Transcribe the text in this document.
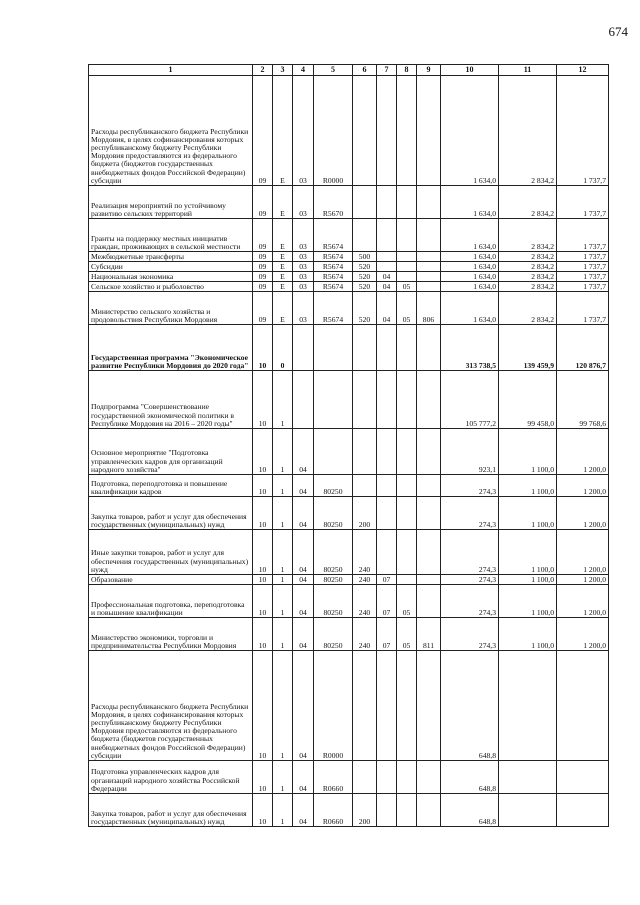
674
1	2	3	4	5	6	7	8	9	10	11	12
Расходы республиканского бюджета Республики Мордовия, в целях софинансирования которых республиканскому бюджету Республики Мордовия предоставляются из федерального бюджета (бюджетов государственных внебюджетных фондов Российской Федерации) субсидии	09	Е	03	R0000					1 634,0	2 834,2	1 737,7
Реализация мероприятий по устойчивому развитию сельских территорий	09	Е	03	R5670					1 634,0	2 834,2	1 737,7
Гранты на поддержку местных инициатив граждан, проживающих в сельской местности	09	Е	03	R5674					1 634,0	2 834,2	1 737,7
Межбюджетные трансферты	09	Е	03	R5674	500				1 634,0	2 834,2	1 737,7
Субсидии	09	Е	03	R5674	520				1 634,0	2 834,2	1 737,7
Национальная экономика	09	Е	03	R5674	520	04			1 634,0	2 834,2	1 737,7
Сельское хозяйство и рыболовство	09	Е	03	R5674	520	04	05		1 634,0	2 834,2	1 737,7
Министерство сельского хозяйства и продовольствия Республики Мордовия	09	Е	03	R5674	520	04	05	806	1 634,0	2 834,2	1 737,7
Государственная программа "Экономическое развитие Республики Мордовия до 2020 года"	10	0							313 738,5	139 459,9	120 876,7
Подпрограмма "Совершенствование государственной экономической политики в Республике Мордовия на 2016 – 2020 годы"	10	1							105 777,2	99 458,0	99 768,6
Основное мероприятие "Подготовка управленческих кадров для организаций народного хозяйства"	10	1	04						923,1	1 100,0	1 200,0
Подготовка, переподготовка и повышение квалификации кадров	10	1	04	80250					274,3	1 100,0	1 200,0
Закупка товаров, работ и услуг для обеспечения государственных (муниципальных) нужд	10	1	04	80250	200				274,3	1 100,0	1 200,0
Иные закупки товаров, работ и услуг для обеспечения государственных (муниципальных) нужд	10	1	04	80250	240				274,3	1 100,0	1 200,0
Образование	10	1	04	80250	240	07			274,3	1 100,0	1 200,0
Профессиональная подготовка, переподготовка и повышение квалификации	10	1	04	80250	240	07	05		274,3	1 100,0	1 200,0
Министерство экономики, торговли и предпринимательства Республики Мордовия	10	1	04	80250	240	07	05	811	274,3	1 100,0	1 200,0
Расходы республиканского бюджета Республики Мордовия, в целях софинансирования которых республиканскому бюджету Республики Мордовия предоставляются из федерального бюджета (бюджетов государственных внебюджетных фондов Российской Федерации) субсидии	10	1	04	R0000					648,8		
Подготовка управленческих кадров для организаций народного хозяйства Российской Федерации	10	1	04	R0660					648,8		
Закупка товаров, работ и услуг для обеспечения государственных (муниципальных) нужд	10	1	04	R0660	200				648,8		
